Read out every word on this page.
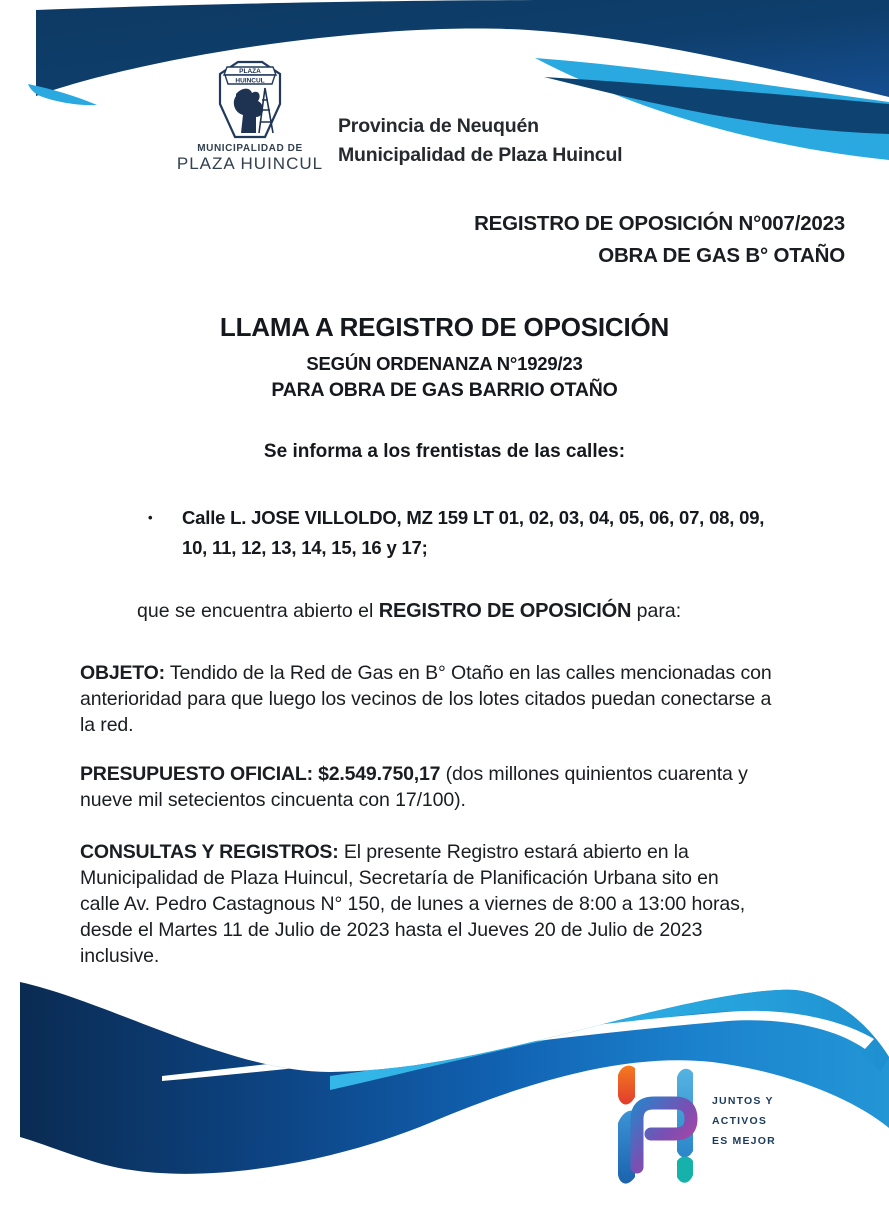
PLAZA
HUINCUL
MUNICIPALIDAD DE
PLAZA HUINCUL
Provincia de Neuquén
Municipalidad de Plaza Huincul
REGISTRO DE OPOSICIÓN N°007/2023
OBRA DE GAS B° OTAÑO
LLAMA A REGISTRO DE OPOSICIÓN
SEGÚN ORDENANZA N°1929/23
PARA OBRA DE GAS BARRIO OTAÑO
Se informa a los frentistas de las calles:
•	Calle L. JOSE VILLOLDO, MZ 159 LT 01, 02, 03, 04, 05, 06, 07, 08, 09, 10, 11, 12, 13, 14, 15, 16 y 17;

que se encuentra abierto el REGISTRO DE OPOSICIÓN para:

OBJETO: Tendido de la Red de Gas en B° Otaño en las calles mencionadas con anterioridad para que luego los vecinos de los lotes citados puedan conectarse a la red.

PRESUPUESTO OFICIAL: $2.549.750,17 (dos millones quinientos cuarenta y nueve mil setecientos cincuenta con 17/100).

CONSULTAS Y REGISTROS: El presente Registro estará abierto en la Municipalidad de Plaza Huincul, Secretaría de Planificación Urbana sito en calle Av. Pedro Castagnous N° 150, de lunes a viernes de 8:00 a 13:00 horas, desde el Martes 11 de Julio de 2023 hasta el Jueves 20 de Julio de 2023 inclusive.

JUNTOS Y
ACTIVOS
ES MEJOR
